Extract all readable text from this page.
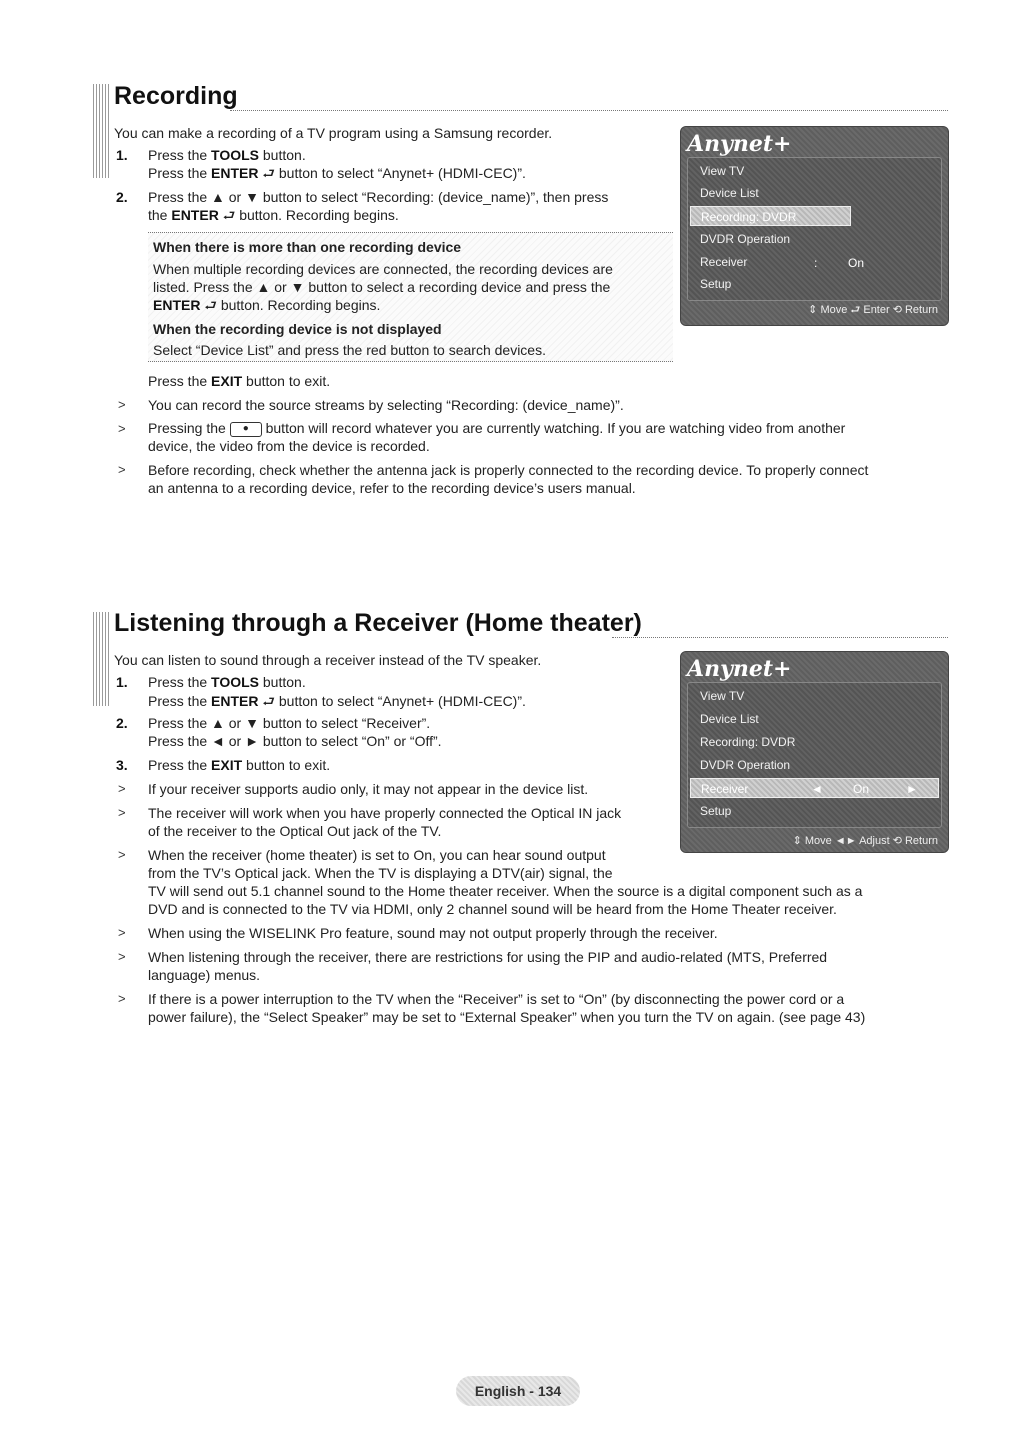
Recording
You can make a recording of a TV program using a Samsung recorder.
1. Press the TOOLS button.
Press the ENTER ⮐ button to select “Anynet+ (HDMI-CEC)”.
2. Press the ▲ or ▼ button to select “Recording: (device_name)”, then press
the ENTER ⮐ button. Recording begins.
When there is more than one recording device
When multiple recording devices are connected, the recording devices are
listed. Press the ▲ or ▼ button to select a recording device and press the
ENTER ⮐ button. Recording begins.
When the recording device is not displayed
Select “Device List” and press the red button to search devices.
Press the EXIT button to exit.
> You can record the source streams by selecting “Recording: (device_name)”.
> Pressing the ● button will record whatever you are currently watching. If you are watching video from another
device, the video from the device is recorded.
> Before recording, check whether the antenna jack is properly connected to the recording device. To properly connect
an antenna to a recording device, refer to the recording device’s users manual.
Anynet+
View TV
Device List
Recording: DVDR
DVDR Operation
Receiver	:	On
Setup
⇕ Move ⮐ Enter ⟲ Return
Listening through a Receiver (Home theater)
You can listen to sound through a receiver instead of the TV speaker.
1. Press the TOOLS button.
Press the ENTER ⮐ button to select “Anynet+ (HDMI-CEC)”.
2. Press the ▲ or ▼ button to select “Receiver”.
Press the ◄ or ► button to select “On” or “Off”.
3. Press the EXIT button to exit.
> If your receiver supports audio only, it may not appear in the device list.
> The receiver will work when you have properly connected the Optical IN jack
of the receiver to the Optical Out jack of the TV.
> When the receiver (home theater) is set to On, you can hear sound output
from the TV’s Optical jack. When the TV is displaying a DTV(air) signal, the
TV will send out 5.1 channel sound to the Home theater receiver. When the source is a digital component such as a
DVD and is connected to the TV via HDMI, only 2 channel sound will be heard from the Home Theater receiver.
> When using the WISELINK Pro feature, sound may not output properly through the receiver.
> When listening through the receiver, there are restrictions for using the PIP and audio-related (MTS, Preferred
language) menus.
> If there is a power interruption to the TV when the “Receiver” is set to “On” (by disconnecting the power cord or a
power failure), the “Select Speaker” may be set to “External Speaker” when you turn the TV on again. (see page 43)
Anynet+
View TV
Device List
Recording: DVDR
DVDR Operation
Receiver	◄	On	►
Setup
⇕ Move ◄► Adjust ⟲ Return
English - 134
